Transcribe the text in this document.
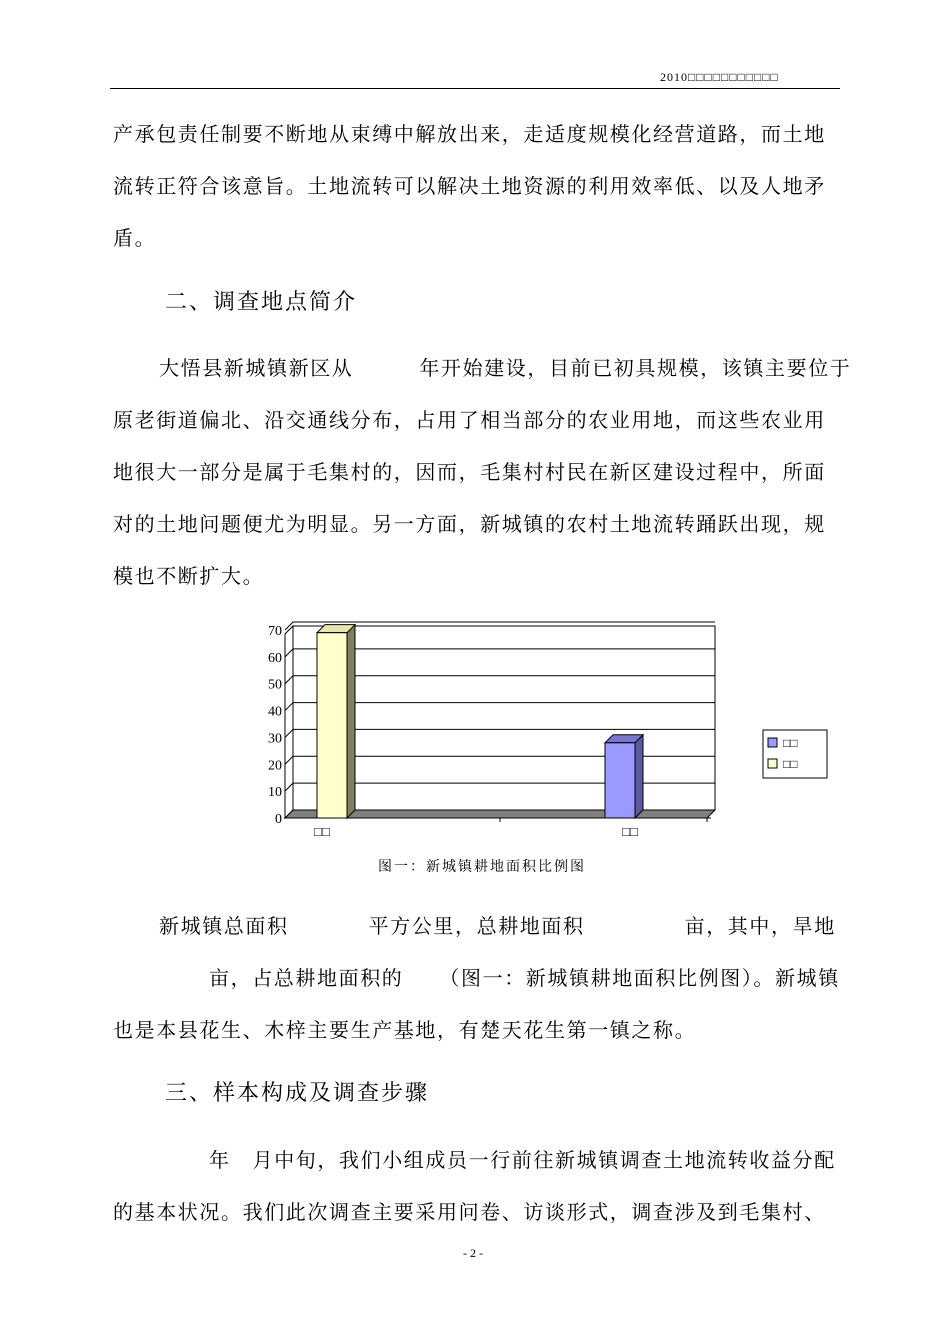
2010□□□□□□□□□□□
产承包责任制要不断地从束缚中解放出来，走适度规模化经营道路，而土地
流转正符合该意旨。土地流转可以解决土地资源的利用效率低、以及人地矛
盾。
二、调查地点简介
大悟县新城镇新区从	年开始建设，目前已初具规模，该镇主要位于
原老街道偏北、沿交通线分布，占用了相当部分的农业用地，而这些农业用
地很大一部分是属于毛集村的，因而，毛集村村民在新区建设过程中，所面
对的土地问题便尤为明显。另一方面，新城镇的农村土地流转踊跃出现，规
模也不断扩大。
0
10
20
30
40
50
60
70
□□	□□
□□
□□
图一：新城镇耕地面积比例图
新城镇总面积	平方公里，总耕地面积	亩，其中，旱地
亩，占总耕地面积的 （图一：新城镇耕地面积比例图）。新城镇
也是本县花生、木梓主要生产基地，有楚天花生第一镇之称。
三、样本构成及调查步骤
年 月中旬，我们小组成员一行前往新城镇调查土地流转收益分配
的基本状况。我们此次调查主要采用问卷、访谈形式，调查涉及到毛集村、
- 2 -
